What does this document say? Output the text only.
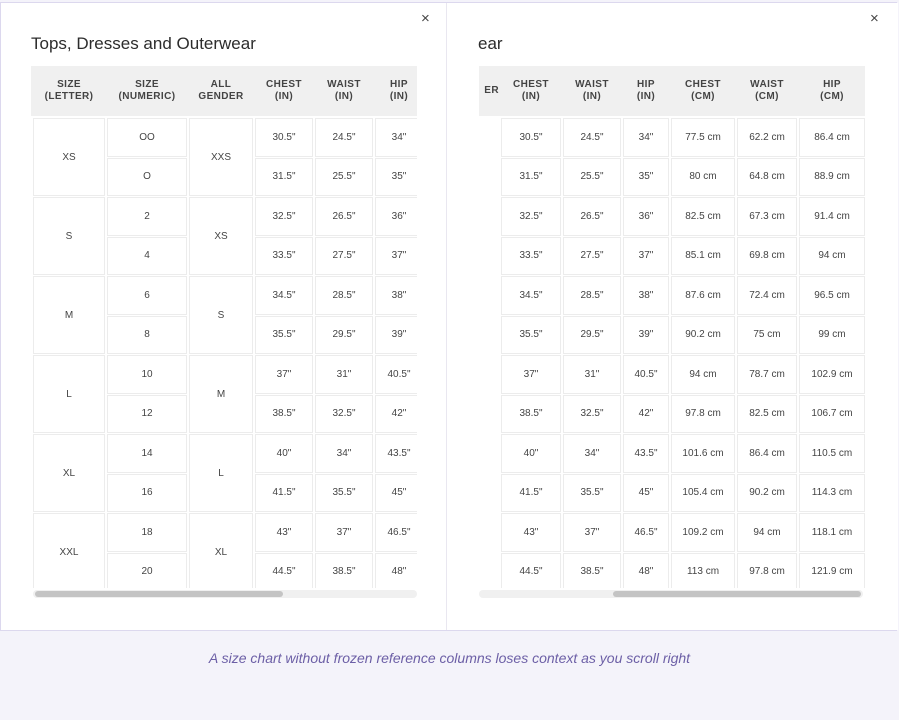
×
Tops, Dresses and Outerwear
SIZE
(LETTER)
SIZE
(NUMERIC)
ALL
GENDER
CHEST
(IN)
WAIST
(IN)
HIP
(IN)
XS
S
M
L
XL
XXL
OO
O
2
4
6
8
10
12
14
16
18
20
XXS
XS
S
M
L
XL
30.5"
31.5"
32.5"
33.5"
34.5"
35.5"
37"
38.5"
40"
41.5"
43"
44.5"
24.5"
25.5"
26.5"
27.5"
28.5"
29.5"
31"
32.5"
34"
35.5"
37"
38.5"
34"
35"
36"
37"
38"
39"
40.5"
42"
43.5"
45"
46.5"
48"
×
ear
ER
CHEST
(IN)
WAIST
(IN)
HIP
(IN)
CHEST
(CM)
WAIST
(CM)
HIP
(CM)
30.5"
31.5"
32.5"
33.5"
34.5"
35.5"
37"
38.5"
40"
41.5"
43"
44.5"
24.5"
25.5"
26.5"
27.5"
28.5"
29.5"
31"
32.5"
34"
35.5"
37"
38.5"
34"
35"
36"
37"
38"
39"
40.5"
42"
43.5"
45"
46.5"
48"
77.5 cm
80 cm
82.5 cm
85.1 cm
87.6 cm
90.2 cm
94 cm
97.8 cm
101.6 cm
105.4 cm
109.2 cm
113 cm
62.2 cm
64.8 cm
67.3 cm
69.8 cm
72.4 cm
75 cm
78.7 cm
82.5 cm
86.4 cm
90.2 cm
94 cm
97.8 cm
86.4 cm
88.9 cm
91.4 cm
94 cm
96.5 cm
99 cm
102.9 cm
106.7 cm
110.5 cm
114.3 cm
118.1 cm
121.9 cm
A size chart without frozen reference columns loses context as you scroll right
